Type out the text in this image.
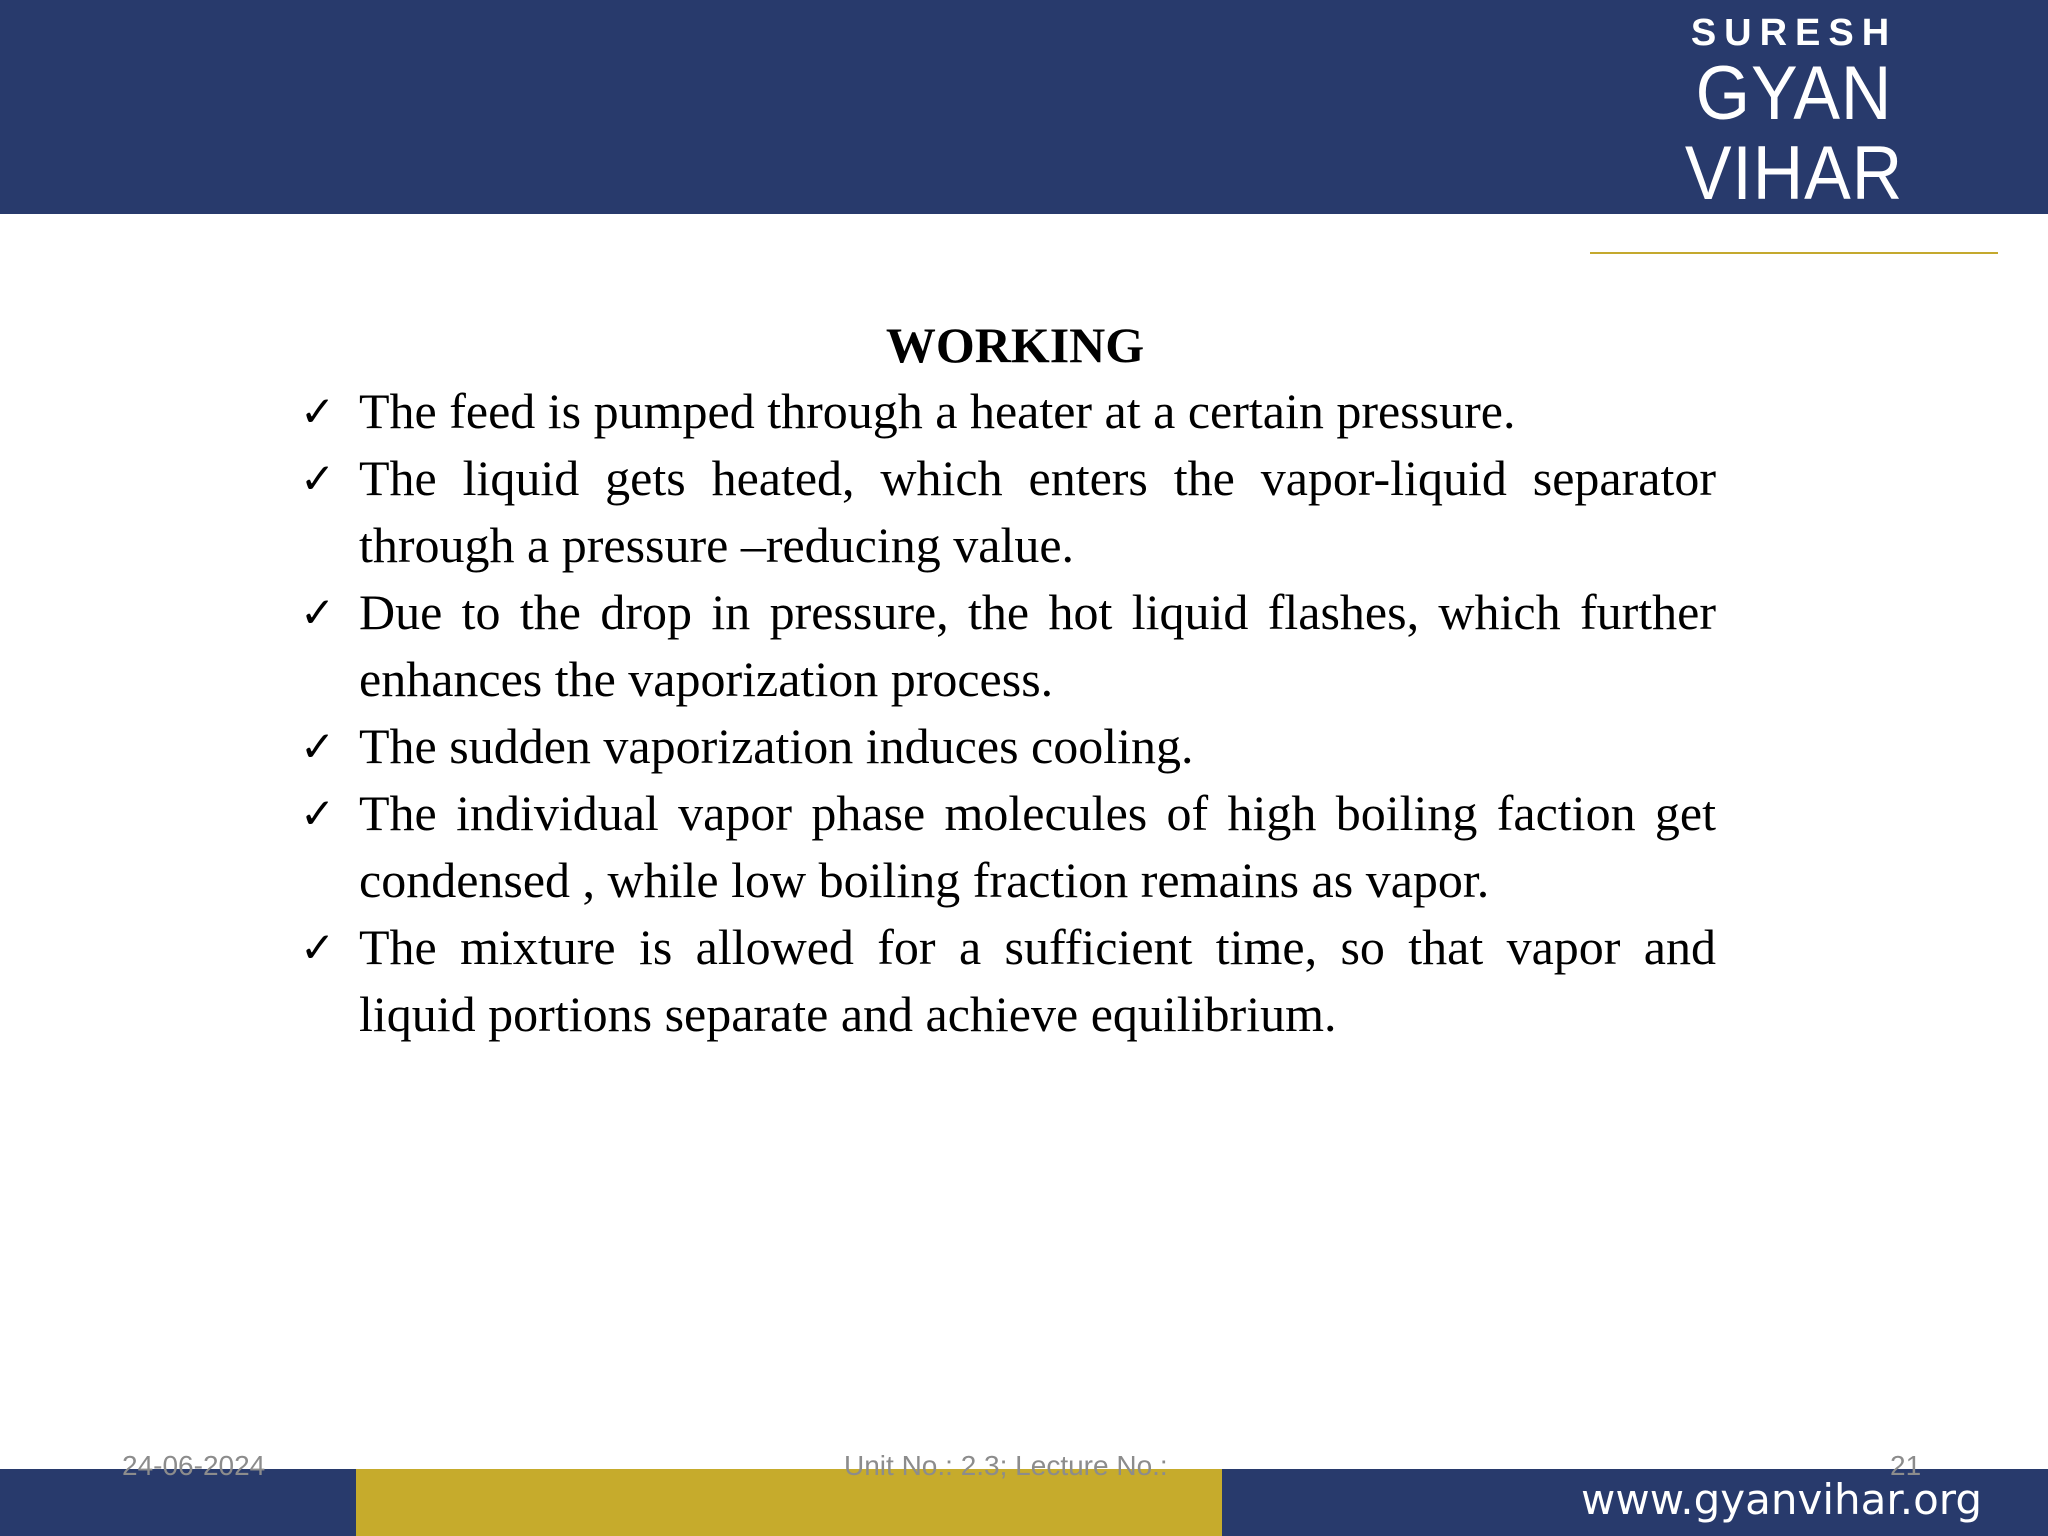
SURESH
GYAN VIHAR
UNIVERSITY
Accredited by NAAC with ‘A’ Grade
WORKING
✓ The feed is pumped through a heater at a certain pressure.
✓ The liquid gets heated, which enters the vapor-liquid separator through a pressure –reducing value.
✓ Due to the drop in pressure, the hot liquid flashes, which further enhances the vaporization process.
✓ The sudden vaporization induces cooling.
✓ The individual vapor phase molecules of high boiling faction get condensed , while low boiling fraction remains as vapor.
✓ The mixture is allowed for a sufficient time, so that vapor and liquid portions separate and achieve equilibrium.
www.gyanvihar.org
24-06-2024	Unit No.: 2.3; Lecture No.:	21
